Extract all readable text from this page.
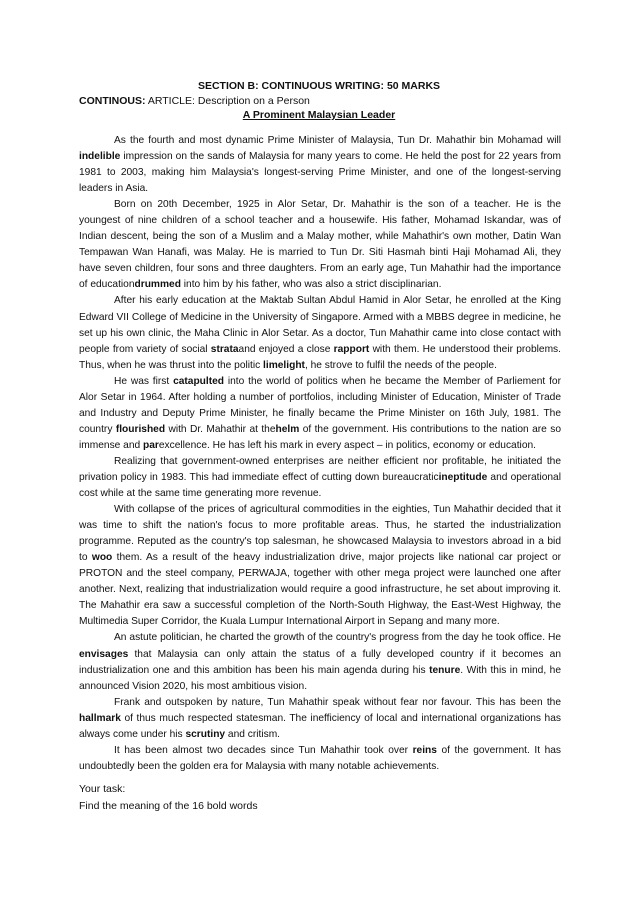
SECTION B: CONTINUOUS WRITING: 50 MARKS
CONTINOUS: ARTICLE: Description on a Person
A Prominent Malaysian Leader

As the fourth and most dynamic Prime Minister of Malaysia, Tun Dr. Mahathir bin Mohamad will indelible impression on the sands of Malaysia for many years to come. He held the post for 22 years from 1981 to 2003, making him Malaysia's longest-serving Prime Minister, and one of the longest-serving leaders in Asia.

Born on 20th December, 1925 in Alor Setar, Dr. Mahathir is the son of a teacher. He is the youngest of nine children of a school teacher and a housewife. His father, Mohamad Iskandar, was of Indian descent, being the son of a Muslim and a Malay mother, while Mahathir's own mother, Datin Wan Tempawan Wan Hanafi, was Malay. He is married to Tun Dr. Siti Hasmah binti Haji Mohamad Ali, they have seven children, four sons and three daughters. From an early age, Tun Mahathir had the importance of educationdrummed into him by his father, who was also a strict disciplinarian.

After his early education at the Maktab Sultan Abdul Hamid in Alor Setar, he enrolled at the King Edward VII College of Medicine in the University of Singapore. Armed with a MBBS degree in medicine, he set up his own clinic, the Maha Clinic in Alor Setar. As a doctor, Tun Mahathir came into close contact with people from variety of social strataand enjoyed a close rapport with them. He understood their problems. Thus, when he was thrust into the politic limelight, he strove to fulfil the needs of the people.

He was first catapulted into the world of politics when he became the Member of Parliement for Alor Setar in 1964. After holding a number of portfolios, including Minister of Education, Minister of Trade and Industry and Deputy Prime Minister, he finally became the Prime Minister on 16th July, 1981. The country flourished with Dr. Mahathir at thehelm of the government. His contributions to the nation are so immense and parexcellence. He has left his mark in every aspect – in politics, economy or education.

Realizing that government-owned enterprises are neither efficient nor profitable, he initiated the privation policy in 1983. This had immediate effect of cutting down bureaucraticineptitude and operational cost while at the same time generating more revenue.

With collapse of the prices of agricultural commodities in the eighties, Tun Mahathir decided that it was time to shift the nation's focus to more profitable areas. Thus, he started the industrialization programme. Reputed as the country's top salesman, he showcased Malaysia to investors abroad in a bid to woo them. As a result of the heavy industrialization drive, major projects like national car project or PROTON and the steel company, PERWAJA, together with other mega project were launched one after another. Next, realizing that industrialization would require a good infrastructure, he set about improving it. The Mahathir era saw a successful completion of the North-South Highway, the East-West Highway, the Multimedia Super Corridor, the Kuala Lumpur International Airport in Sepang and many more.

An astute politician, he charted the growth of the country's progress from the day he took office. He envisages that Malaysia can only attain the status of a fully developed country if it becomes an industrialization one and this ambition has been his main agenda during his tenure. With this in mind, he announced Vision 2020, his most ambitious vision.

Frank and outspoken by nature, Tun Mahathir speak without fear nor favour. This has been the hallmark of thus much respected statesman. The inefficiency of local and international organizations has always come under his scrutiny and critism.

It has been almost two decades since Tun Mahathir took over reins of the government. It has undoubtedly been the golden era for Malaysia with many notable achievements.

Your task:
Find the meaning of the 16 bold words
